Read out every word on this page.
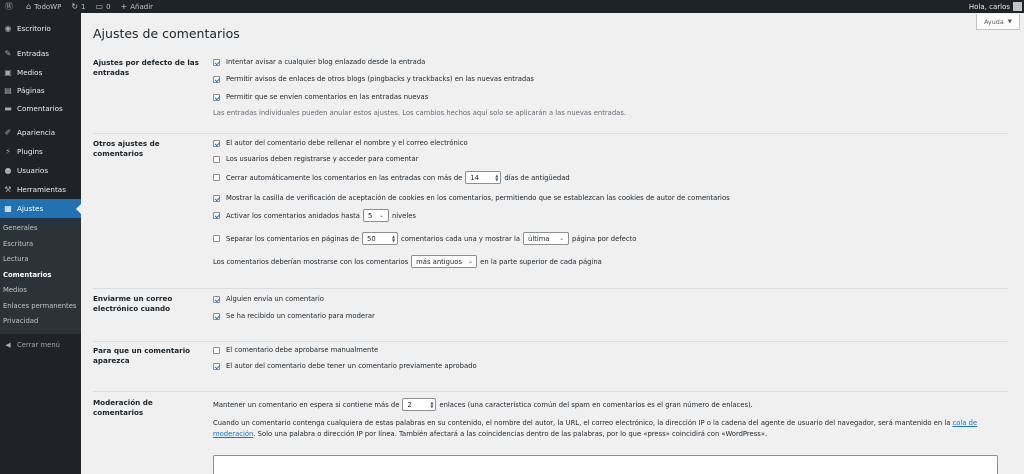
Ⓦ ⌂ TodoWP ↻ 1 ▭ 0 + Añadir	Hola, carlos
◉ Escritorio
✎ Entradas
▣ Medios
▤ Páginas
▬ Comentarios
✐ Apariencia
⚡ Plugins
● Usuarios
⚒ Herramientas
▦ Ajustes
Generales
Escritura
Lectura
Comentarios
Medios
Enlaces permanentes
Privacidad
◀ Cerrar menú
Ayuda ▼
Ajustes de comentarios
Ajustes por defecto de las entradas
Intentar avisar a cualquier blog enlazado desde la entrada
Permitir avisos de enlaces de otros blogs (pingbacks y trackbacks) en las nuevas entradas
Permitir que se envíen comentarios en las entradas nuevas
Las entradas individuales pueden anular estos ajustes. Los cambios hechos aquí solo se aplicarán a las nuevas entradas.
Otros ajustes de comentarios
El autor del comentario debe rellenar el nombre y el correo electrónico
Los usuarios deben registrarse y acceder para comentar
Cerrar automáticamente los comentarios en las entradas con más de 14	▲
▼ días de antigüedad
Mostrar la casilla de verificación de aceptación de cookies en los comentarios, permitiendo que se establezcan las cookies de autor de comentarios
Activar los comentarios anidados hasta 5 ⌄ niveles
Separar los comentarios en páginas de 50	▲
▼ comentarios cada una y mostrar la última ⌄ página por defecto
Los comentarios deberían mostrarse con los comentarios más antiguos ⌄ en la parte superior de cada página
Enviarme un correo electrónico cuando
Alguien envía un comentario
Se ha recibido un comentario para moderar
Para que un comentario aparezca
El comentario debe aprobarse manualmente
El autor del comentario debe tener un comentario previamente aprobado
Moderación de comentarios
Mantener un comentario en espera si contiene más de 2	▲
▼ enlaces (una característica común del spam en comentarios es el gran número de enlaces).
Cuando un comentario contenga cualquiera de estas palabras en su contenido, el nombre del autor, la URL, el correo electrónico, la dirección IP o la cadena del agente de usuario del navegador, será mantenido en la cola de moderación. Solo una palabra o dirección IP por línea. También afectará a las coincidencias dentro de las palabras, por lo que «press» coincidirá con «WordPress».
